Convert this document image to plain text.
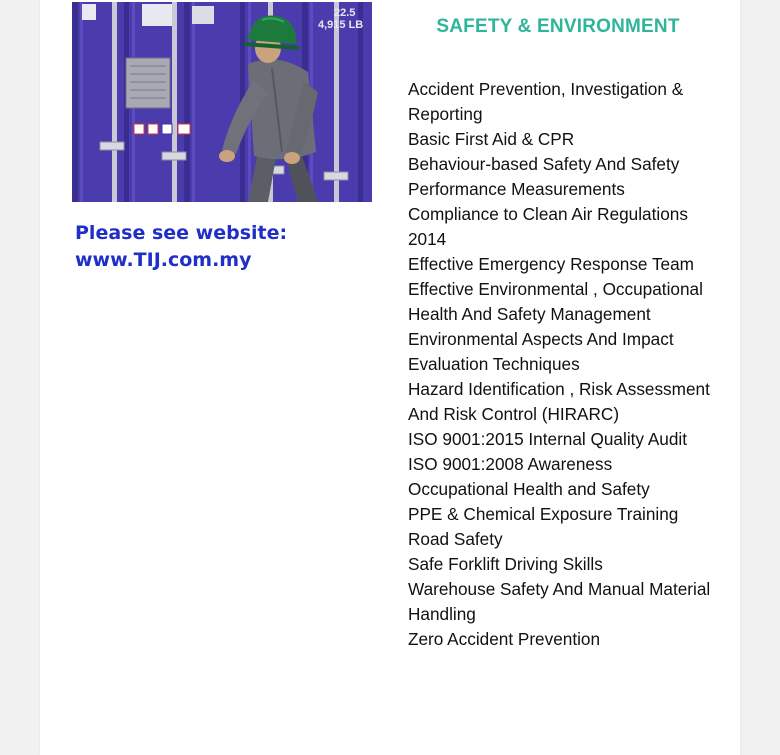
22.5
4,915 LB
Please see website:
www.TIJ.com.my
SAFETY & ENVIRONMENT
Accident Prevention, Investigation & Reporting
Basic First Aid & CPR
Behaviour-based Safety And Safety Performance Measurements
Compliance to Clean Air Regulations 2014
Effective Emergency Response Team
Effective Environmental , Occupational Health And Safety Management
Environmental Aspects And Impact Evaluation Techniques
Hazard Identification , Risk Assessment And Risk Control (HIRARC)
ISO 9001:2015 Internal Quality Audit
ISO 9001:2008 Awareness
Occupational Health and Safety
PPE & Chemical Exposure Training
Road Safety
Safe Forklift Driving Skills
Warehouse Safety And Manual Material Handling
Zero Accident Prevention
